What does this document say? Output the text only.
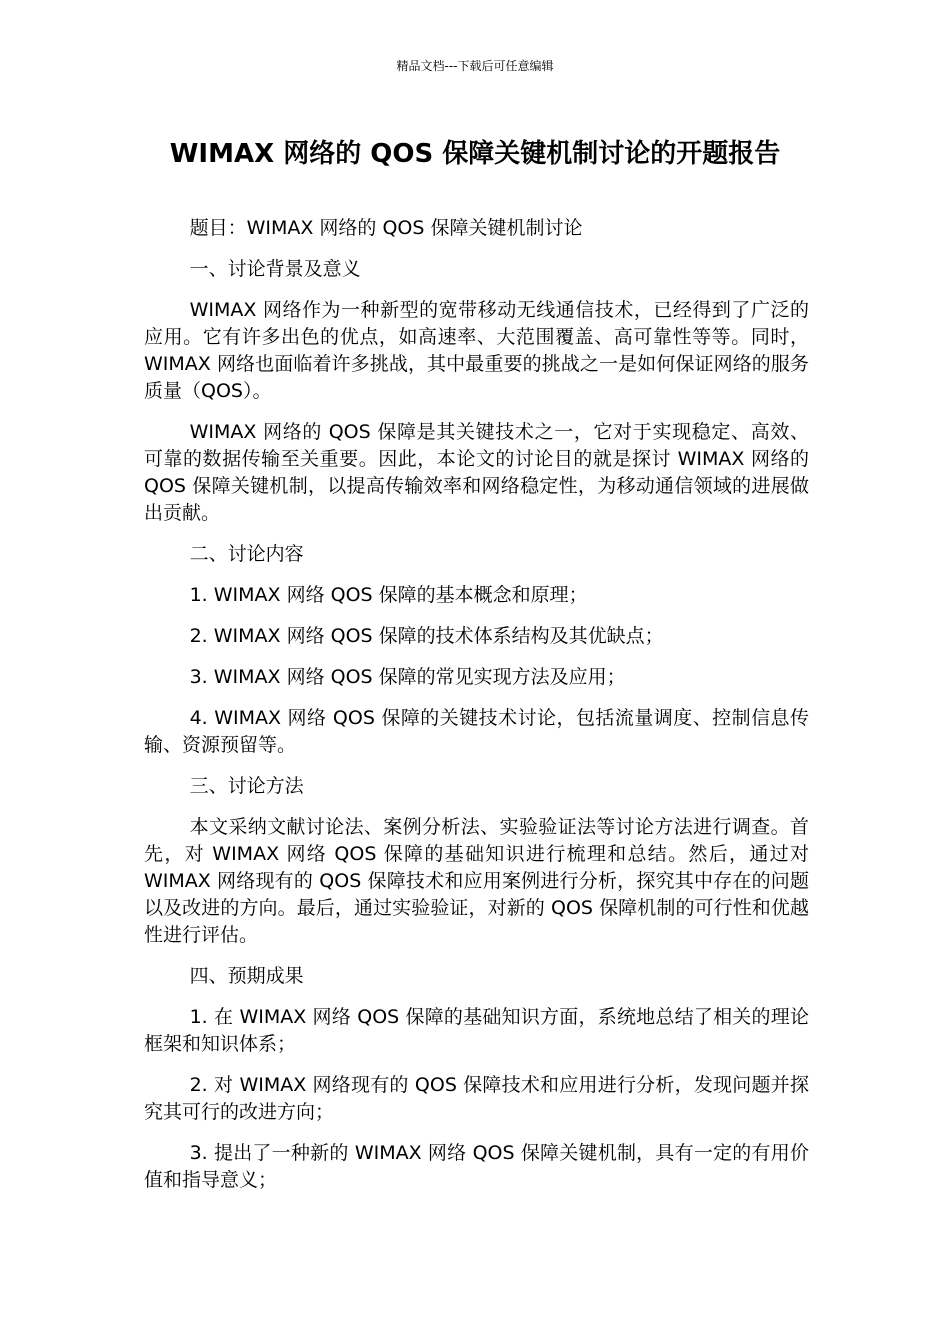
精品文档---下载后可任意编辑
WIMAX 网络的 QOS 保障关键机制讨论的开题报告

题目：WIMAX 网络的 QOS 保障关键机制讨论

一、讨论背景及意义

WIMAX 网络作为一种新型的宽带移动无线通信技术，已经得到了广泛的应用。它有许多出色的优点，如高速率、大范围覆盖、高可靠性等等。同时，WIMAX 网络也面临着许多挑战，其中最重要的挑战之一是如何保证网络的服务质量（QOS）。

WIMAX 网络的 QOS 保障是其关键技术之一，它对于实现稳定、高效、可靠的数据传输至关重要。因此，本论文的讨论目的就是探讨 WIMAX 网络的 QOS 保障关键机制，以提高传输效率和网络稳定性，为移动通信领域的进展做出贡献。

二、讨论内容

1. WIMAX 网络 QOS 保障的基本概念和原理；

2. WIMAX 网络 QOS 保障的技术体系结构及其优缺点；

3. WIMAX 网络 QOS 保障的常见实现方法及应用；

4. WIMAX 网络 QOS 保障的关键技术讨论，包括流量调度、控制信息传输、资源预留等。

三、讨论方法

本文采纳文献讨论法、案例分析法、实验验证法等讨论方法进行调查。首先，对 WIMAX 网络 QOS 保障的基础知识进行梳理和总结。然后，通过对 WIMAX 网络现有的 QOS 保障技术和应用案例进行分析，探究其中存在的问题以及改进的方向。最后，通过实验验证，对新的 QOS 保障机制的可行性和优越性进行评估。

四、预期成果

1. 在 WIMAX 网络 QOS 保障的基础知识方面，系统地总结了相关的理论框架和知识体系；

2. 对 WIMAX 网络现有的 QOS 保障技术和应用进行分析，发现问题并探究其可行的改进方向；

3. 提出了一种新的 WIMAX 网络 QOS 保障关键机制，具有一定的有用价值和指导意义；
